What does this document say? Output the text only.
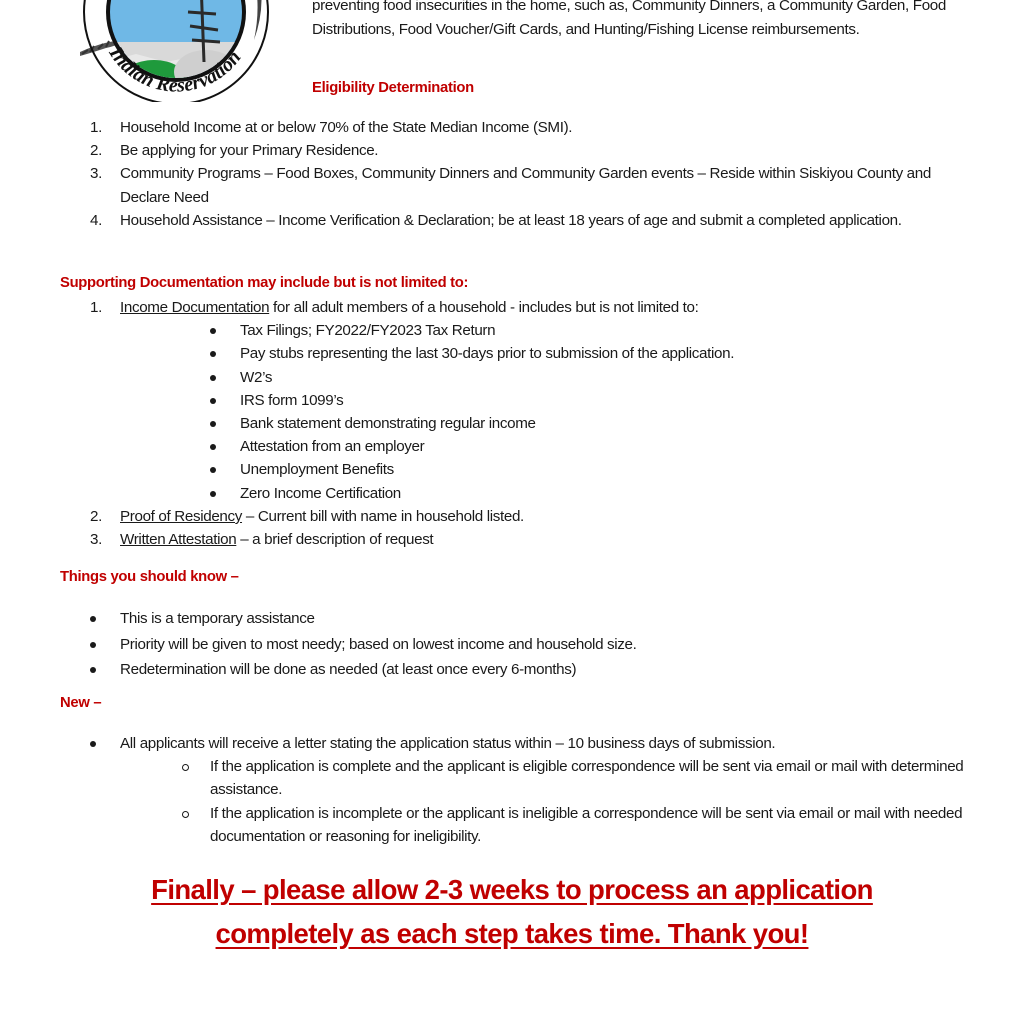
Indian Reservation
preventing food insecurities in the home, such as, Community Dinners, a Community Garden, Food Distributions, Food Voucher/Gift Cards, and Hunting/Fishing License reimbursements.
Eligibility Determination
1. Household Income at or below 70% of the State Median Income (SMI).
2. Be applying for your Primary Residence.
3. Community Programs – Food Boxes, Community Dinners and Community Garden events – Reside within Siskiyou County and Declare Need
4. Household Assistance – Income Verification & Declaration; be at least 18 years of age and submit a completed application.
Supporting Documentation may include but is not limited to:
1. Income Documentation for all adult members of a household - includes but is not limited to:
Tax Filings; FY2022/FY2023 Tax Return
Pay stubs representing the last 30-days prior to submission of the application.
W2’s
IRS form 1099’s
Bank statement demonstrating regular income
Attestation from an employer
Unemployment Benefits
Zero Income Certification
2. Proof of Residency – Current bill with name in household listed.
3. Written Attestation – a brief description of request
Things you should know –
This is a temporary assistance
Priority will be given to most needy; based on lowest income and household size.
Redetermination will be done as needed (at least once every 6-months)
New –
All applicants will receive a letter stating the application status within – 10 business days of submission.
If the application is complete and the applicant is eligible correspondence will be sent via email or mail with determined assistance.
If the application is incomplete or the applicant is ineligible a correspondence will be sent via email or mail with needed documentation or reasoning for ineligibility.
Finally – please allow 2-3 weeks to process an application
completely as each step takes time. Thank you!
